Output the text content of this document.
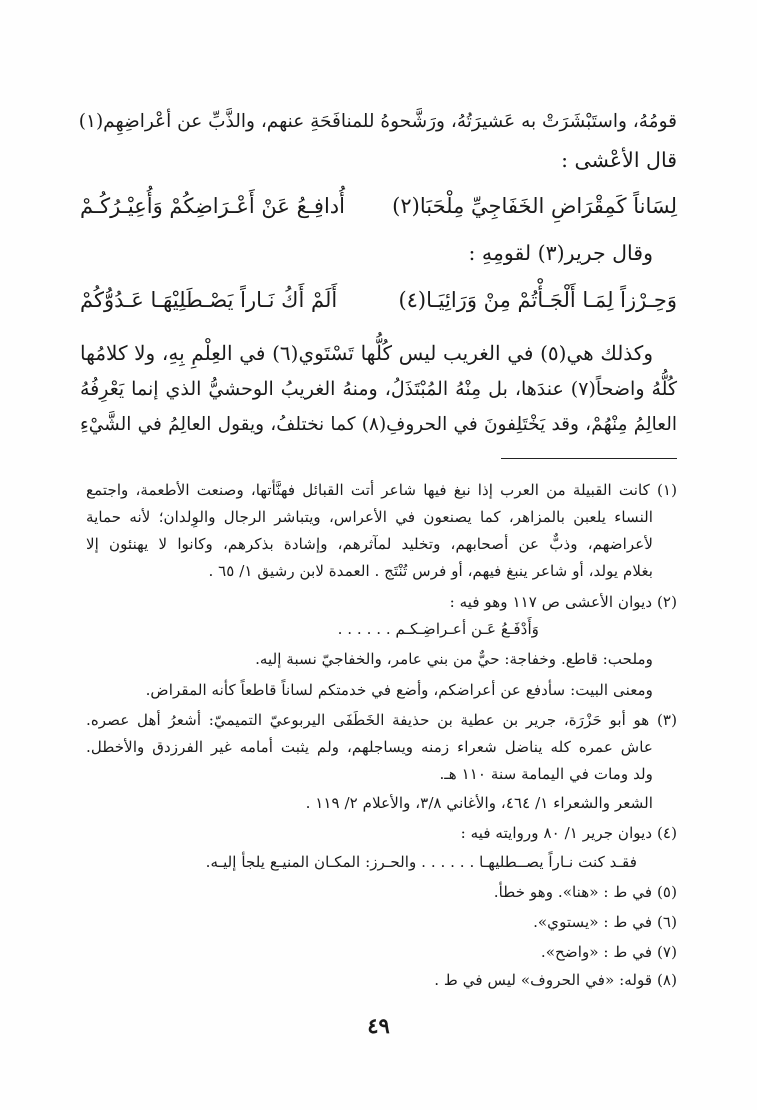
قومُهُ، واستَبْشَرَتْ به عَشيرَتُهُ، ورَشَّحوهُ للمنافَحَةِ عنهم، والذَّبِّ عن أعْراضِهِم(١)
قال الأعْشى :
أُدافِـعُ عَنْ أَعْـرَاضِكُمْ وَأُعِيْـرُكُـمْ لِسَاناً كَمِقْرَاضِ الخَفَاجِيِّ مِلْحَبَا(٢)
وقال جرير(٣) لقومِهِ :
أَلَمْ أَكُ نَـاراً يَصْـطَلِيْهَـا عَـدُوُّكُمْ	وَحِـرْزاً لِمَـا أَلْجَـأْتُمْ مِنْ وَرَائِيَـا(٤)
وكذلك هي(٥) في الغريب ليس كُلُّها تَسْتَوي(٦) في العِلْمِ بِهِ، ولا كلامُها
كُلُّهُ واضحاً(٧) عندَها، بل مِنْهُ المُبْتَذَلُ، ومنهُ الغريبُ الوحشيُّ الذي إنما يَعْرِفُهُ
العالِمُ مِنْهُمْ، وقد يَخْتَلِفونَ في الحروفِ(٨) كما نختلفُ، ويقول العالِمُ في الشَّيْءِ
(١) كانت القبيلة من العرب إذا نبغ فيها شاعر أتت القبائل فهنَّأتها، وصنعت الأطعمة، واجتمع
النساء يلعبن بالمزاهر، كما يصنعون في الأعراس، ويتباشر الرجال والوِلدان؛ لأنه حماية
لأعراضهم، وذبٌّ عن أصحابهم، وتخليد لمآثرهم، وإشادة بذكرهم، وكانوا لا يهنئون إلا
بغلام يولد، أو شاعر ينبغ فيهم، أو فرس تُنْتَج . العمدة لابن رشيق ١/ ٦٥ .
(٢) ديوان الأعشى ص ١١٧ وهو فيه :
وَأَدْفَـعُ عَـن أعـراضِـكـم . . . . . .
وملحب: قاطع. وخفاجة: حيٌّ من بني عامر، والخفاجيّ نسبة إليه.
ومعنى البيت: سأدفع عن أعراضكم، وأضع في خدمتكم لساناً قاطعاً كأنه المقراض.
(٣) هو أبو حَزْرَة، جرير بن عطية بن حذيفة الخَطَفَى اليربوعيّ التميميّ: أشعرُ أهل عصره.
عاش عمره كله يناضل شعراء زمنه ويساجلهم، ولم يثبت أمامه غير الفرزدق والأخطل.
ولد ومات في اليمامة سنة ١١٠ هـ.
الشعر والشعراء ١/ ٤٦٤، والأغاني ٣/٨، والأعلام ٢/ ١١٩ .
(٤) ديوان جرير ١/ ٨٠ وروايته فيه :
فقـد كنت نـاراً يصــطليهـا . . . . . . والحـرز: المكـان المنيـع يلجأ إليـه.
(٥) في ط : «هنا». وهو خطأ.
(٦) في ط : «يستوي».
(٧) في ط : «واضح».
(٨) قوله: «في الحروف» ليس في ط .
٤٩
